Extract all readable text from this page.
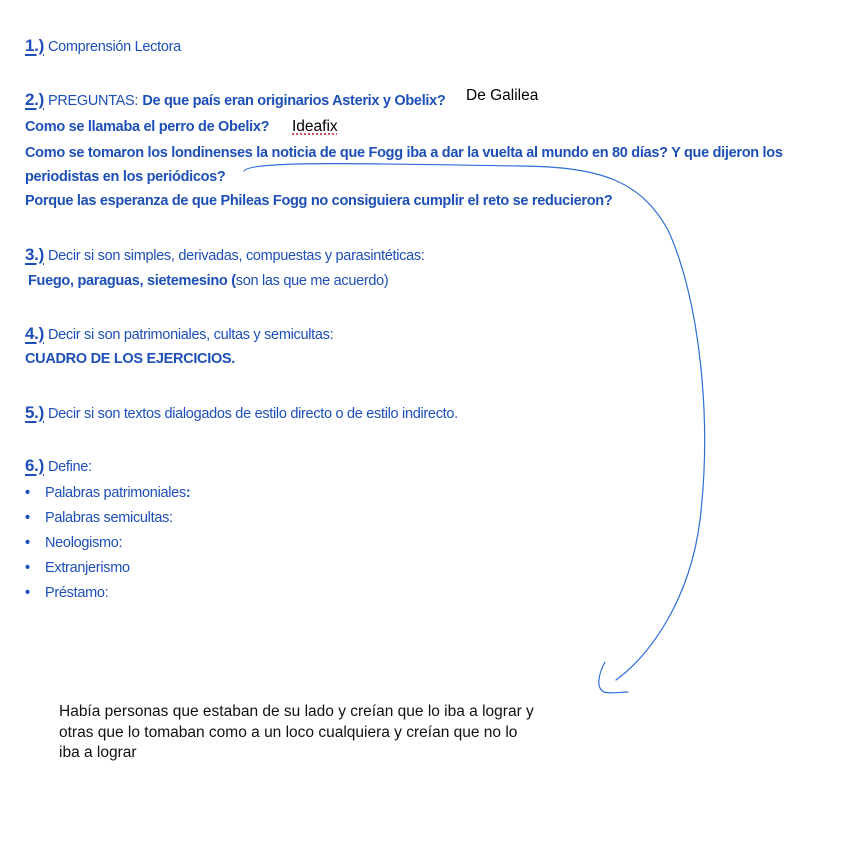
1.) Comprensión Lectora
2.) PREGUNTAS: De que país eran originarios Asterix y Obelix? De Galilea
Como se llamaba el perro de Obelix? Ideafix
Como se tomaron los londinenses la noticia de que Fogg iba a dar la vuelta al mundo en 80 días? Y que dijeron los
periodistas en los periódicos?
Porque las esperanza de que Phileas Fogg no consiguiera cumplir el reto se reducieron?
3.) Decir si son simples, derivadas, compuestas y parasintéticas:
Fuego, paraguas, sietemesino (son las que me acuerdo)
4.) Decir si son patrimoniales, cultas y semicultas:
CUADRO DE LOS EJERCICIOS.
5.) Decir si son textos dialogados de estilo directo o de estilo indirecto.
6.) Define:
• Palabras patrimoniales:
• Palabras semicultas:
• Neologismo:
• Extranjerismo
• Préstamo:

Había personas que estaban de su lado y creían que lo iba a lograr y

otras que lo tomaban como a un loco cualquiera y creían que no lo

iba a lograr
